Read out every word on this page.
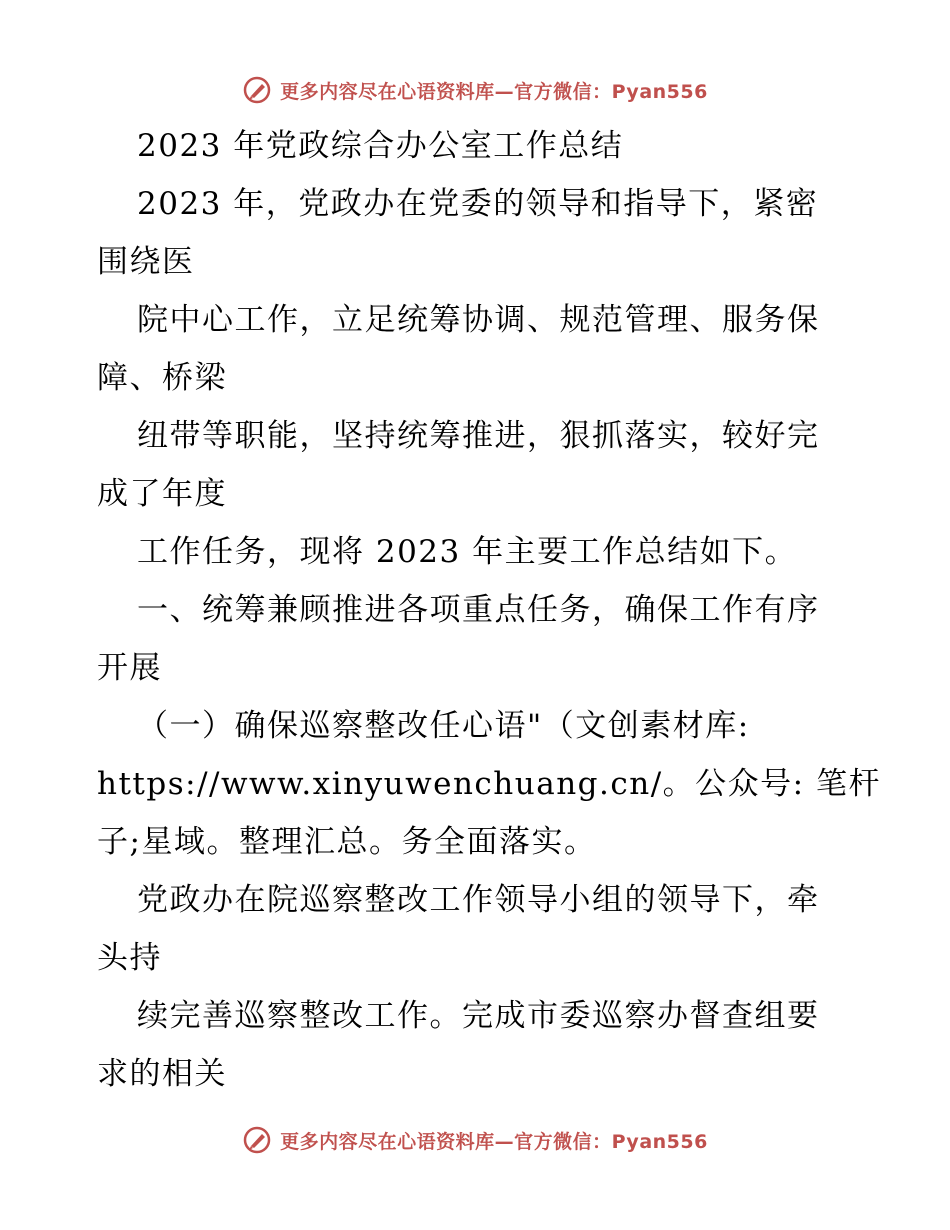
更多内容尽在心语资料库—官方微信：Pyan556
2023 年党政综合办公室工作总结
2023 年，党政办在党委的领导和指导下，紧密
围绕医
院中心工作，立足统筹协调、规范管理、服务保
障、桥梁
纽带等职能，坚持统筹推进，狠抓落实，较好完
成了年度
工作任务，现将 2023 年主要工作总结如下。
一、统筹兼顾推进各项重点任务，确保工作有序
开展
（一）确保巡察整改任心语"（文创素材库:
https://www.xinyuwenchuang.cn/。公众号: 笔杆
子;星域。整理汇总。务全面落实。
党政办在院巡察整改工作领导小组的领导下，牵
头持
续完善巡察整改工作。完成市委巡察办督查组要
求的相关
更多内容尽在心语资料库—官方微信：Pyan556
